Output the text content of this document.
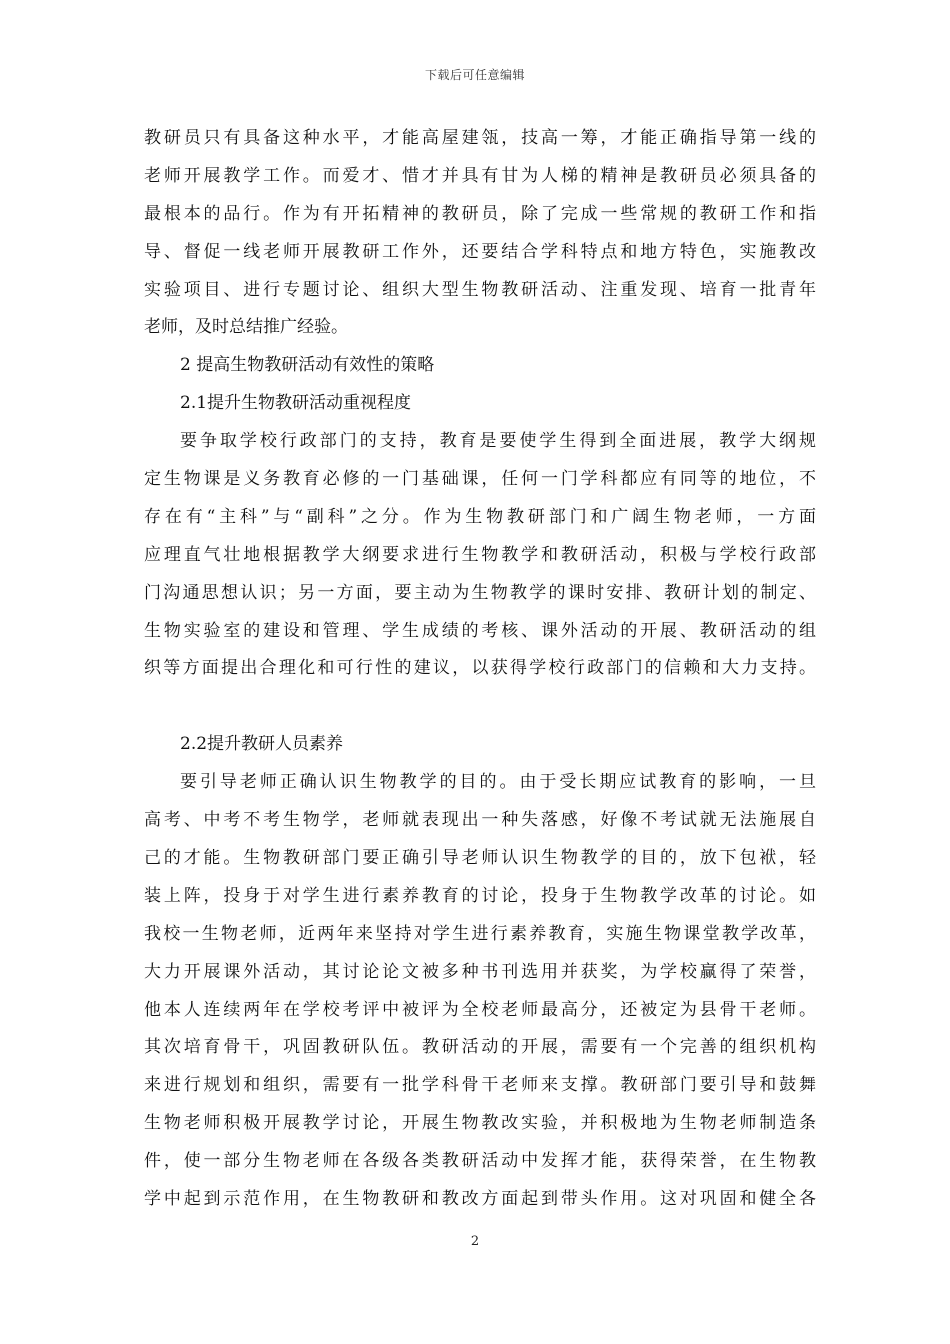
下载后可任意编辑
教研员只有具备这种水平，才能高屋建瓴，技高一筹，才能正确指导第一线的
老师开展教学工作。而爱才、惜才并具有甘为人梯的精神是教研员必须具备的
最根本的品行。作为有开拓精神的教研员，除了完成一些常规的教研工作和指
导、督促一线老师开展教研工作外，还要结合学科特点和地方特色，实施教改
实验项目、进行专题讨论、组织大型生物教研活动、注重发现、培育一批青年
老师，及时总结推广经验。
2 提高生物教研活动有效性的策略
2.1提升生物教研活动重视程度
要争取学校行政部门的支持，教育是要使学生得到全面进展，教学大纲规
定生物课是义务教育必修的一门基础课，任何一门学科都应有同等的地位，不
存在有“主科”与“副科”之分。作为生物教研部门和广阔生物老师，一方面
应理直气壮地根据教学大纲要求进行生物教学和教研活动，积极与学校行政部
门沟通思想认识；另一方面，要主动为生物教学的课时安排、教研计划的制定、
生物实验室的建设和管理、学生成绩的考核、课外活动的开展、教研活动的组
织等方面提出合理化和可行性的建议，以获得学校行政部门的信赖和大力支持。
2.2提升教研人员素养
要引导老师正确认识生物教学的目的。由于受长期应试教育的影响，一旦
高考、中考不考生物学，老师就表现出一种失落感，好像不考试就无法施展自
己的才能。生物教研部门要正确引导老师认识生物教学的目的，放下包袱，轻
装上阵，投身于对学生进行素养教育的讨论，投身于生物教学改革的讨论。如
我校一生物老师，近两年来坚持对学生进行素养教育，实施生物课堂教学改革，
大力开展课外活动，其讨论论文被多种书刊选用并获奖，为学校赢得了荣誉，
他本人连续两年在学校考评中被评为全校老师最高分，还被定为县骨干老师。
其次培育骨干，巩固教研队伍。教研活动的开展，需要有一个完善的组织机构
来进行规划和组织，需要有一批学科骨干老师来支撑。教研部门要引导和鼓舞
生物老师积极开展教学讨论，开展生物教改实验，并积极地为生物老师制造条
件，使一部分生物老师在各级各类教研活动中发挥才能，获得荣誉，在生物教
学中起到示范作用，在生物教研和教改方面起到带头作用。这对巩固和健全各
2
